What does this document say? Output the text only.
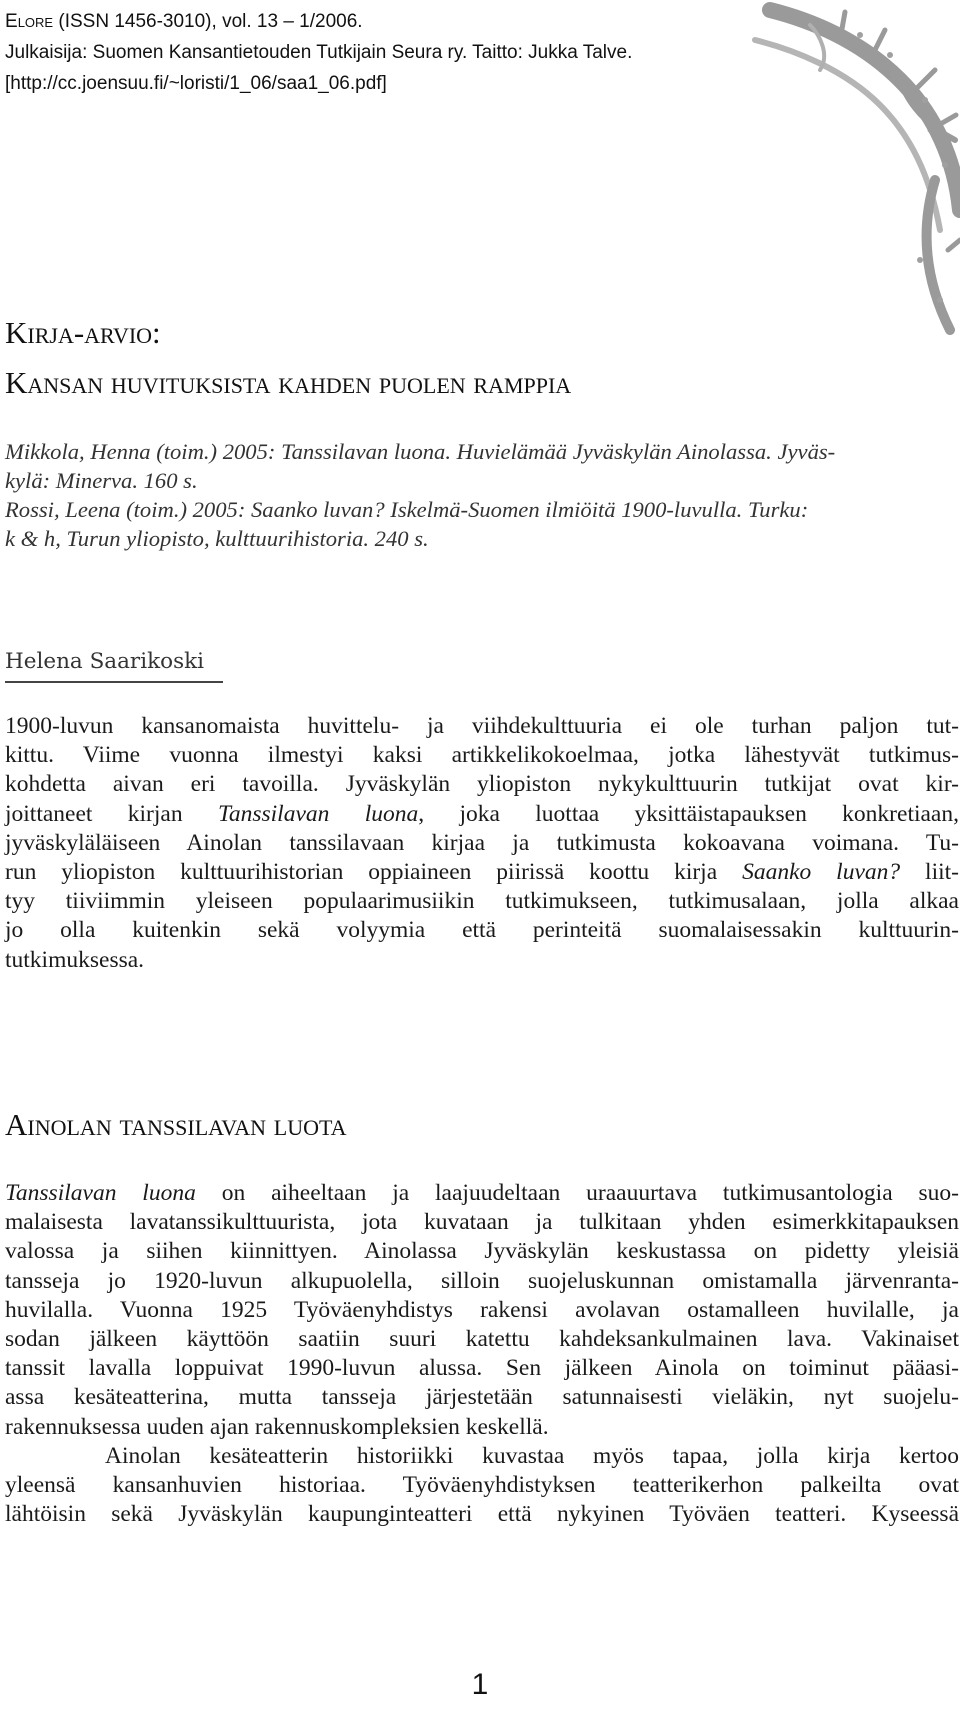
Elore (ISSN 1456-3010), vol. 13 – 1/2006.
Julkaisija: Suomen Kansantietouden Tutkijain Seura ry. Taitto: Jukka Talve.
[http://cc.joensuu.fi/~loristi/1_06/saa1_06.pdf]
Kirja-arvio:
Kansan huvituksista kahden puolen ramppia
Mikkola, Henna (toim.) 2005: Tanssilavan luona. Huvielämää Jyväskylän Ainolassa. Jyväs-
kylä: Minerva. 160 s.
Rossi, Leena (toim.) 2005: Saanko luvan? Iskelmä-Suomen ilmiöitä 1900-luvulla. Turku:
k & h, Turun yliopisto, kulttuurihistoria. 240 s.
Helena Saarikoski
1900-luvun kansanomaista huvittelu- ja viihdekulttuuria ei ole turhan paljon tut-
kittu. Viime vuonna ilmestyi kaksi artikkelikokoelmaa, jotka lähestyvät tutkimus-
kohdetta aivan eri tavoilla. Jyväskylän yliopiston nykykulttuurin tutkijat ovat kir-
joittaneet kirjan Tanssilavan luona, joka luottaa yksittäistapauksen konkretiaan,
jyväskyläläiseen Ainolan tanssilavaan kirjaa ja tutkimusta kokoavana voimana. Tu-
run yliopiston kulttuurihistorian oppiaineen piirissä koottu kirja Saanko luvan? liit-
tyy tiiviimmin yleiseen populaarimusiikin tutkimukseen, tutkimusalaan, jolla alkaa
jo olla kuitenkin sekä volyymia että perinteitä suomalaisessakin kulttuurin-
tutkimuksessa.
Ainolan tanssilavan luota
Tanssilavan luona on aiheeltaan ja laajuudeltaan uraauurtava tutkimusantologia suo-
malaisesta lavatanssikulttuurista, jota kuvataan ja tulkitaan yhden esimerkkitapauksen
valossa ja siihen kiinnittyen. Ainolassa Jyväskylän keskustassa on pidetty yleisiä
tansseja jo 1920-luvun alkupuolella, silloin suojeluskunnan omistamalla järvenranta-
huvilalla. Vuonna 1925 Työväenyhdistys rakensi avolavan ostamalleen huvilalle, ja
sodan jälkeen käyttöön saatiin suuri katettu kahdeksankulmainen lava. Vakinaiset
tanssit lavalla loppuivat 1990-luvun alussa. Sen jälkeen Ainola on toiminut pääasi-
assa kesäteatterina, mutta tansseja järjestetään satunnaisesti vieläkin, nyt suojelu-
rakennuksessa uuden ajan rakennuskompleksien keskellä.
Ainolan kesäteatterin historiikki kuvastaa myös tapaa, jolla kirja kertoo
yleensä kansanhuvien historiaa. Työväenyhdistyksen teatterikerhon palkeilta ovat
lähtöisin sekä Jyväskylän kaupunginteatteri että nykyinen Työväen teatteri. Kyseessä
1
